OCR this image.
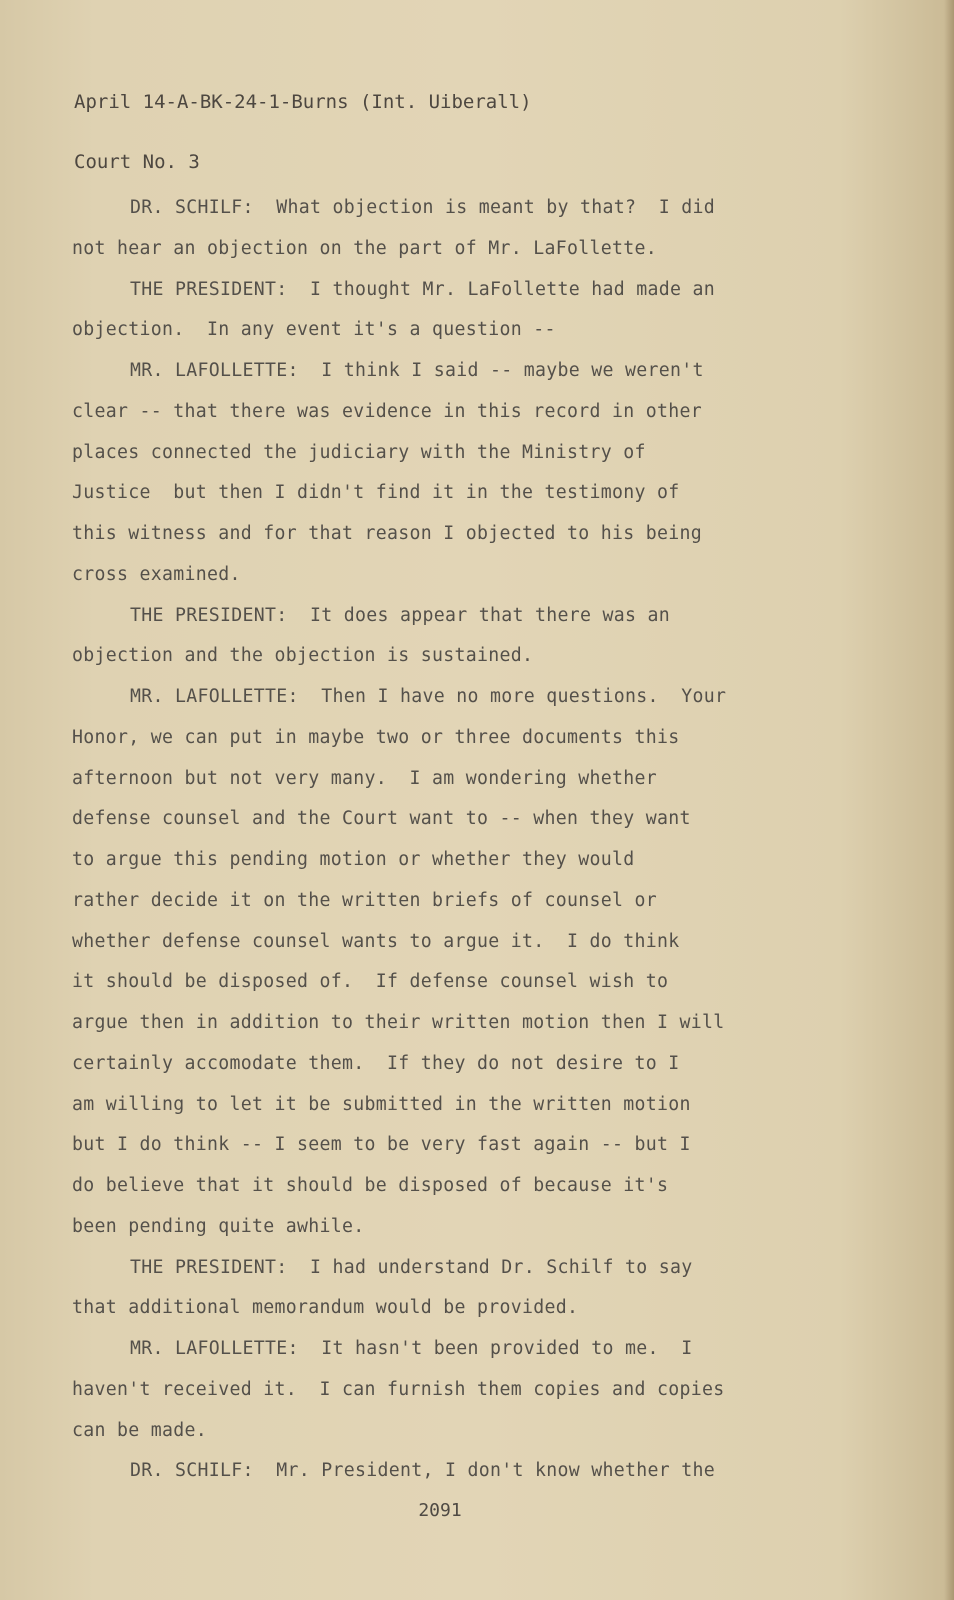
April 14-A-BK-24-1-Burns (Int. Uiberall)

Court No. 3

DR. SCHILF:  What objection is meant by that?  I did
not hear an objection on the part of Mr. LaFollette.
THE PRESIDENT:  I thought Mr. LaFollette had made an
objection.  In any event it's a question --
MR. LAFOLLETTE:  I think I said -- maybe we weren't
clear -- that there was evidence in this record in other
places connected the judiciary with the Ministry of
Justice  but then I didn't find it in the testimony of
this witness and for that reason I objected to his being
cross examined.
THE PRESIDENT:  It does appear that there was an
objection and the objection is sustained.
MR. LAFOLLETTE:  Then I have no more questions.  Your
Honor, we can put in maybe two or three documents this
afternoon but not very many.  I am wondering whether
defense counsel and the Court want to -- when they want
to argue this pending motion or whether they would
rather decide it on the written briefs of counsel or
whether defense counsel wants to argue it.  I do think
it should be disposed of.  If defense counsel wish to
argue then in addition to their written motion then I will
certainly accomodate them.  If they do not desire to I
am willing to let it be submitted in the written motion
but I do think -- I seem to be very fast again -- but I
do believe that it should be disposed of because it's
been pending quite awhile.
THE PRESIDENT:  I had understand Dr. Schilf to say
that additional memorandum would be provided.
MR. LAFOLLETTE:  It hasn't been provided to me.  I
haven't received it.  I can furnish them copies and copies
can be made.
DR. SCHILF:  Mr. President, I don't know whether the
2091
